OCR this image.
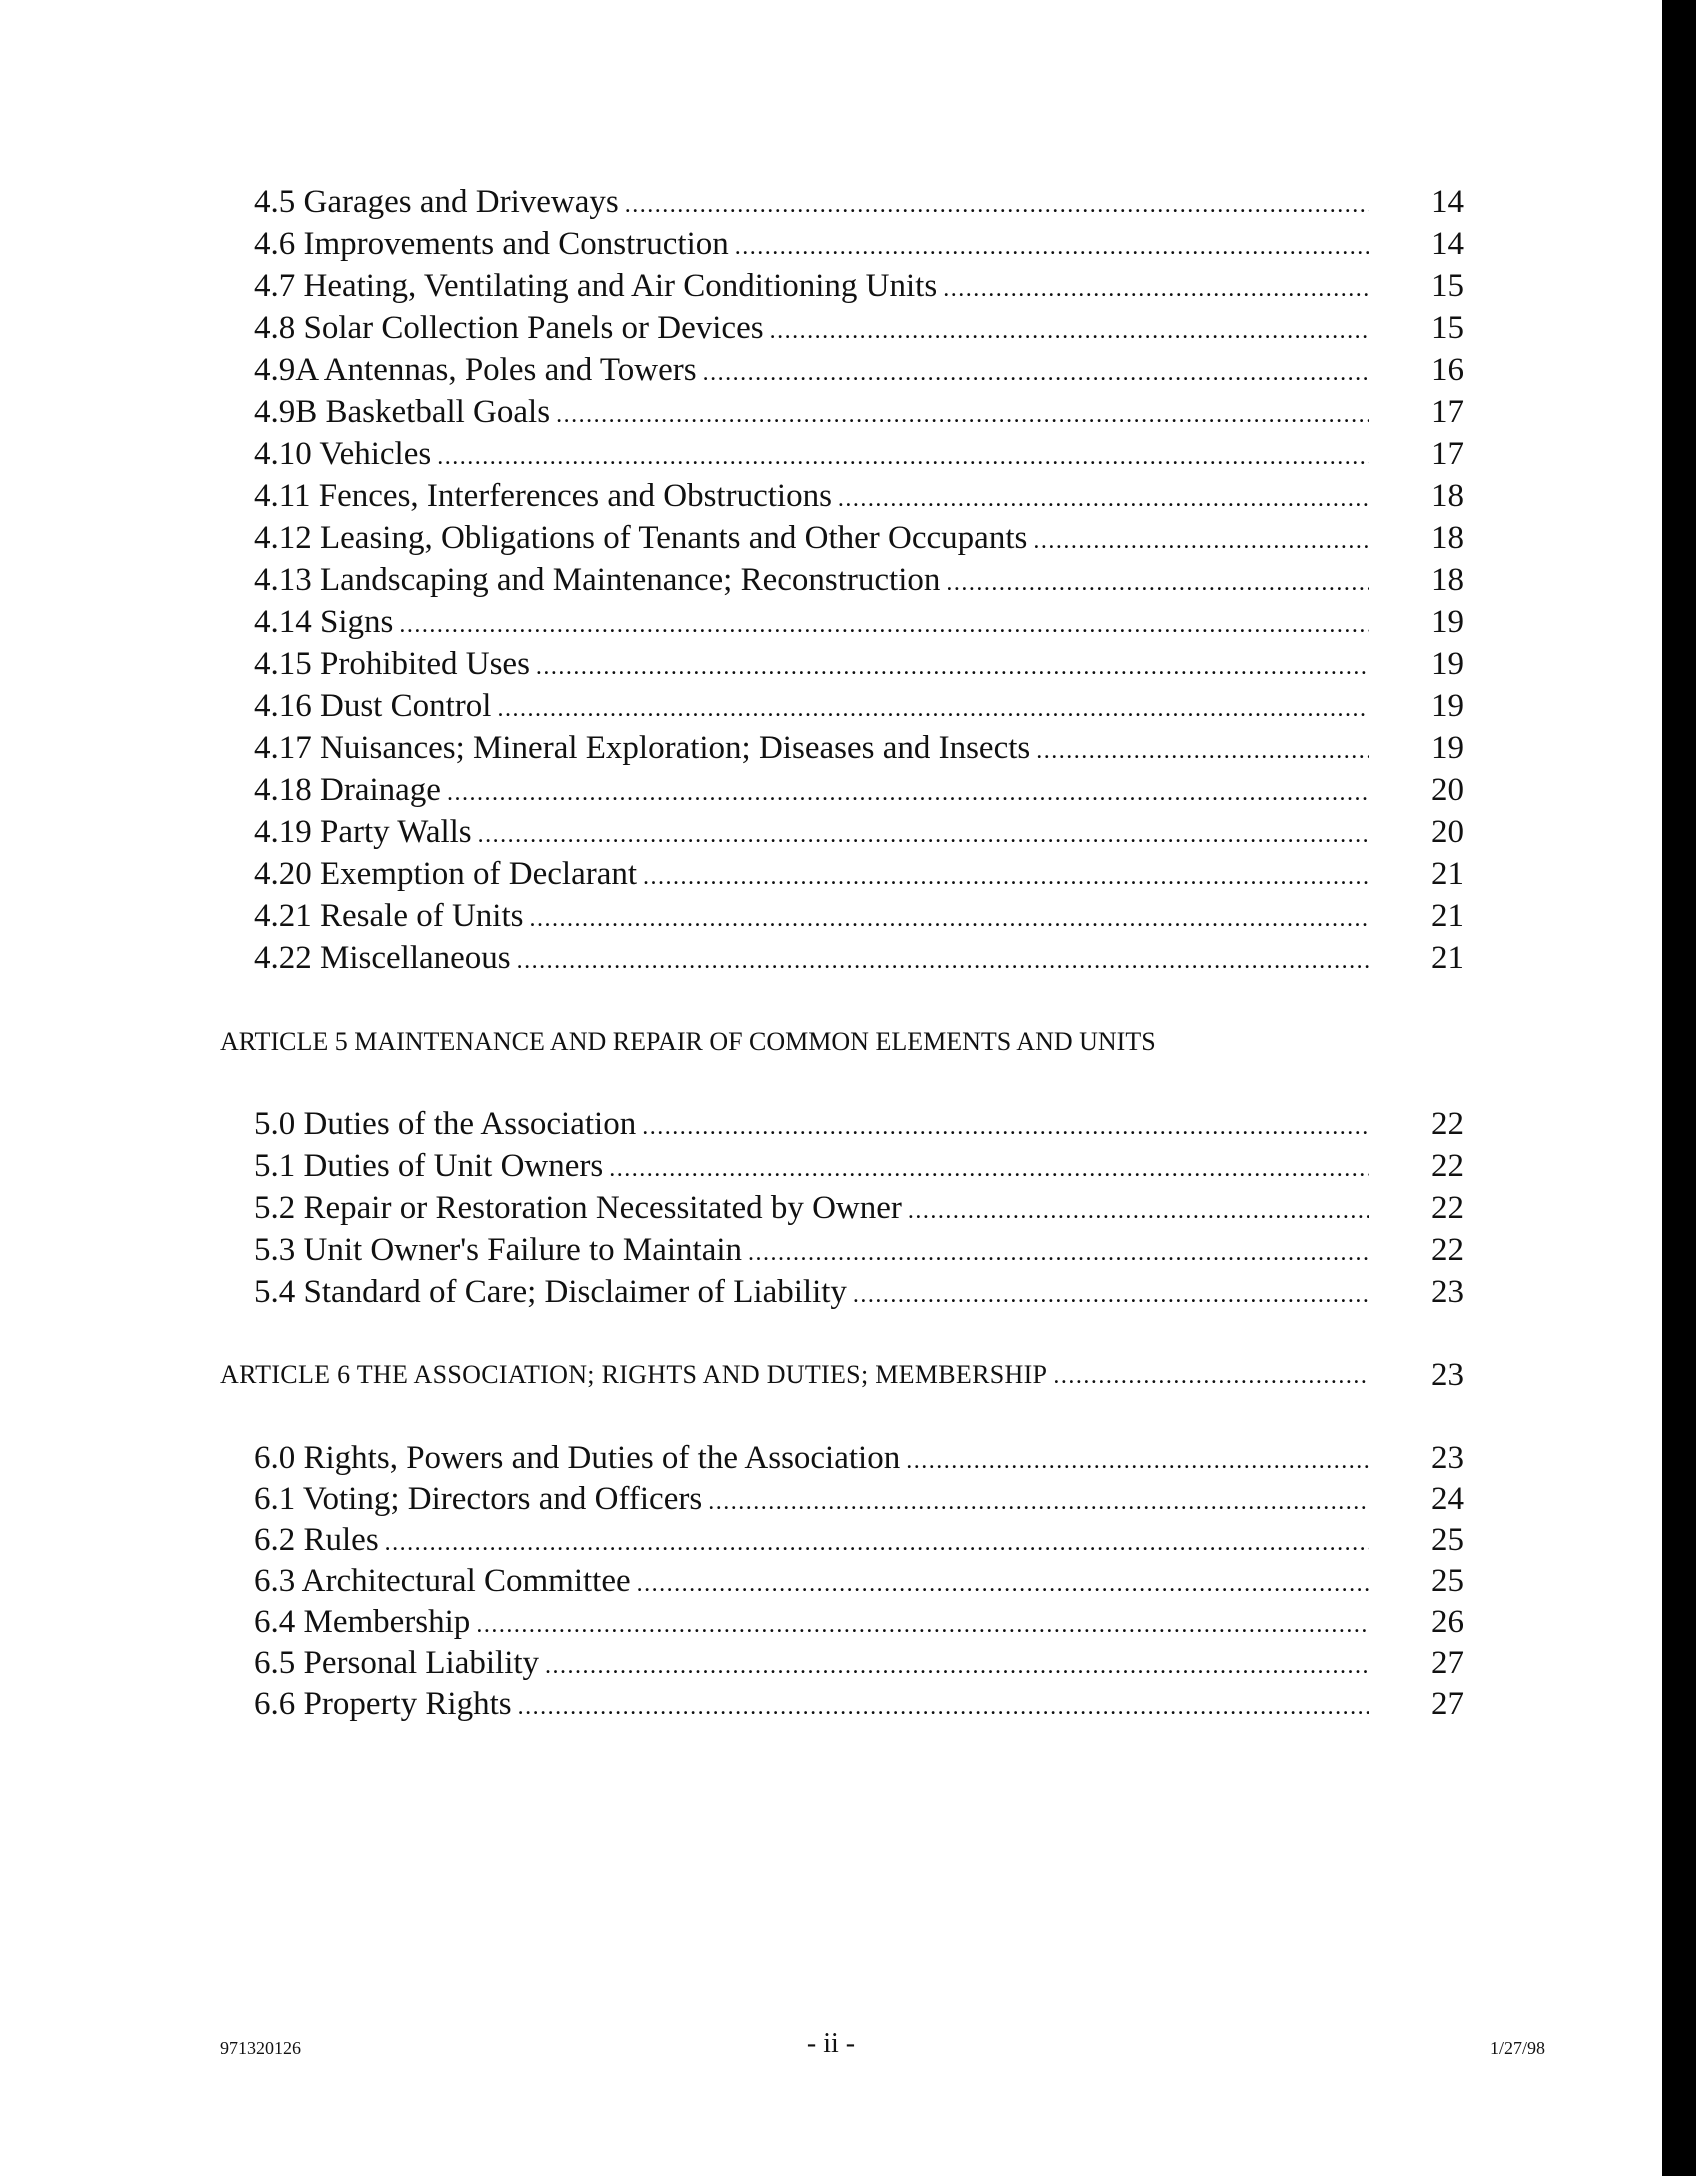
4.5 Garages and Driveways .....	14
4.6 Improvements and Construction .....	14
4.7 Heating, Ventilating and Air Conditioning Units .....	15
4.8 Solar Collection Panels or Devices .....	15
4.9A Antennas, Poles and Towers .....	16
4.9B Basketball Goals .....	17
4.10 Vehicles .....	17
4.11 Fences, Interferences and Obstructions .....	18
4.12 Leasing, Obligations of Tenants and Other Occupants .....	18
4.13 Landscaping and Maintenance; Reconstruction .....	18
4.14 Signs .....	19
4.15 Prohibited Uses .....	19
4.16 Dust Control .....	19
4.17 Nuisances; Mineral Exploration; Diseases and Insects .....	19
4.18 Drainage .....	20
4.19 Party Walls .....	20
4.20 Exemption of Declarant .....	21
4.21 Resale of Units .....	21
4.22 Miscellaneous .....	21
ARTICLE 5 MAINTENANCE AND REPAIR OF COMMON ELEMENTS AND UNITS
5.0 Duties of the Association .....	22
5.1 Duties of Unit Owners .....	22
5.2 Repair or Restoration Necessitated by Owner .....	22
5.3 Unit Owner's Failure to Maintain .....	22
5.4 Standard of Care; Disclaimer of Liability .....	23
ARTICLE 6 THE ASSOCIATION; RIGHTS AND DUTIES; MEMBERSHIP .....	23
6.0 Rights, Powers and Duties of the Association .....	23
6.1 Voting; Directors and Officers .....	24
6.2 Rules .....	25
6.3 Architectural Committee .....	25
6.4 Membership .....	26
6.5 Personal Liability .....	27
6.6 Property Rights .....	27
971320126	- ii -	1/27/98
